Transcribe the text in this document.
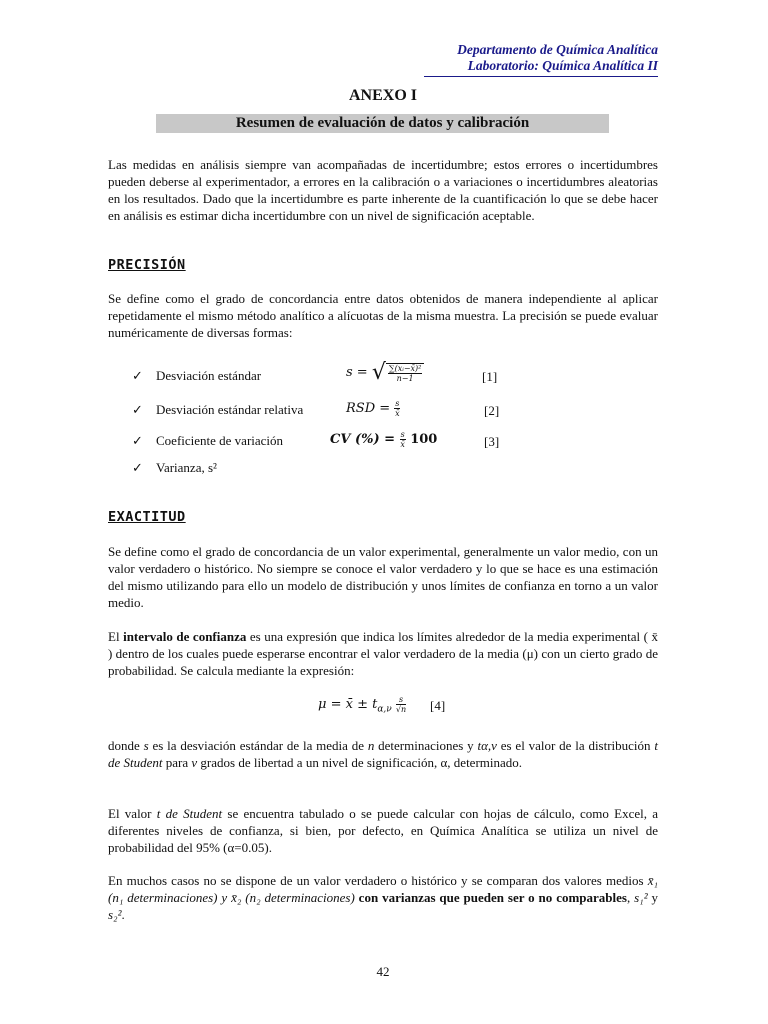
Departamento de Química Analítica
Laboratorio: Química Analítica II
ANEXO I
Resumen de evaluación de datos y calibración

Las medidas en análisis siempre van acompañadas de incertidumbre; estos errores o incertidumbres pueden deberse al experimentador, a errores en la calibración o a variaciones o incertidumbres aleatorias en los resultados. Dado que la incertidumbre es parte inherente de la cuantificación lo que se debe hacer en análisis es estimar dicha incertidumbre con un nivel de significación aceptable.

PRECISIÓN

Se define como el grado de concordancia entre datos obtenidos de manera independiente al aplicar repetidamente el mismo método analítico a alícuotas de la misma muestra. La precisión se puede evaluar numéricamente de diversas formas:

✓ Desviación estándar	s = √ $\frac{\text{∑(xᵢ−x̄)²}}{n-1}$	[1]
✓ Desviación estándar relativa	RSD = $\frac{s}{x̄}$	[2]
✓ Coeficiente de variación	CV (%) = $\frac{s}{x̄} 100$	[3]
✓ Varianza, s²
EXACTITUD

Se define como el grado de concordancia de un valor experimental, generalmente un valor medio, con un valor verdadero o histórico. No siempre se conoce el valor verdadero y lo que se hace es una estimación del mismo utilizando para ello un modelo de distribución y unos límites de confianza en torno a un valor medio.

El intervalo de confianza es una expresión que indica los límites alrededor de la media experimental ( x̄ ) dentro de los cuales puede esperarse encontrar el valor verdadero de la media (μ) con un cierto grado de probabilidad. Se calcula mediante la expresión:

μ = x̄ ± $t_{\alpha,\nu} \frac{s}{√n} [4]$

donde s es la desviación estándar de la media de n determinaciones y tα,ν es el valor de la distribución t de Student para ν grados de libertad a un nivel de significación, α, determinado.

El valor t de Student se encuentra tabulado o se puede calcular con hojas de cálculo, como Excel, a diferentes niveles de confianza, si bien, por defecto, en Química Analítica se utiliza un nivel de probabilidad del 95% (α=0.05).

En muchos casos no se dispone de un valor verdadero o histórico y se comparan dos valores medios x̄₁ (n₁ determinaciones) y x̄₂ (n₂ determinaciones) con varianzas que pueden ser o no comparables, s₁² y s₂².

42
